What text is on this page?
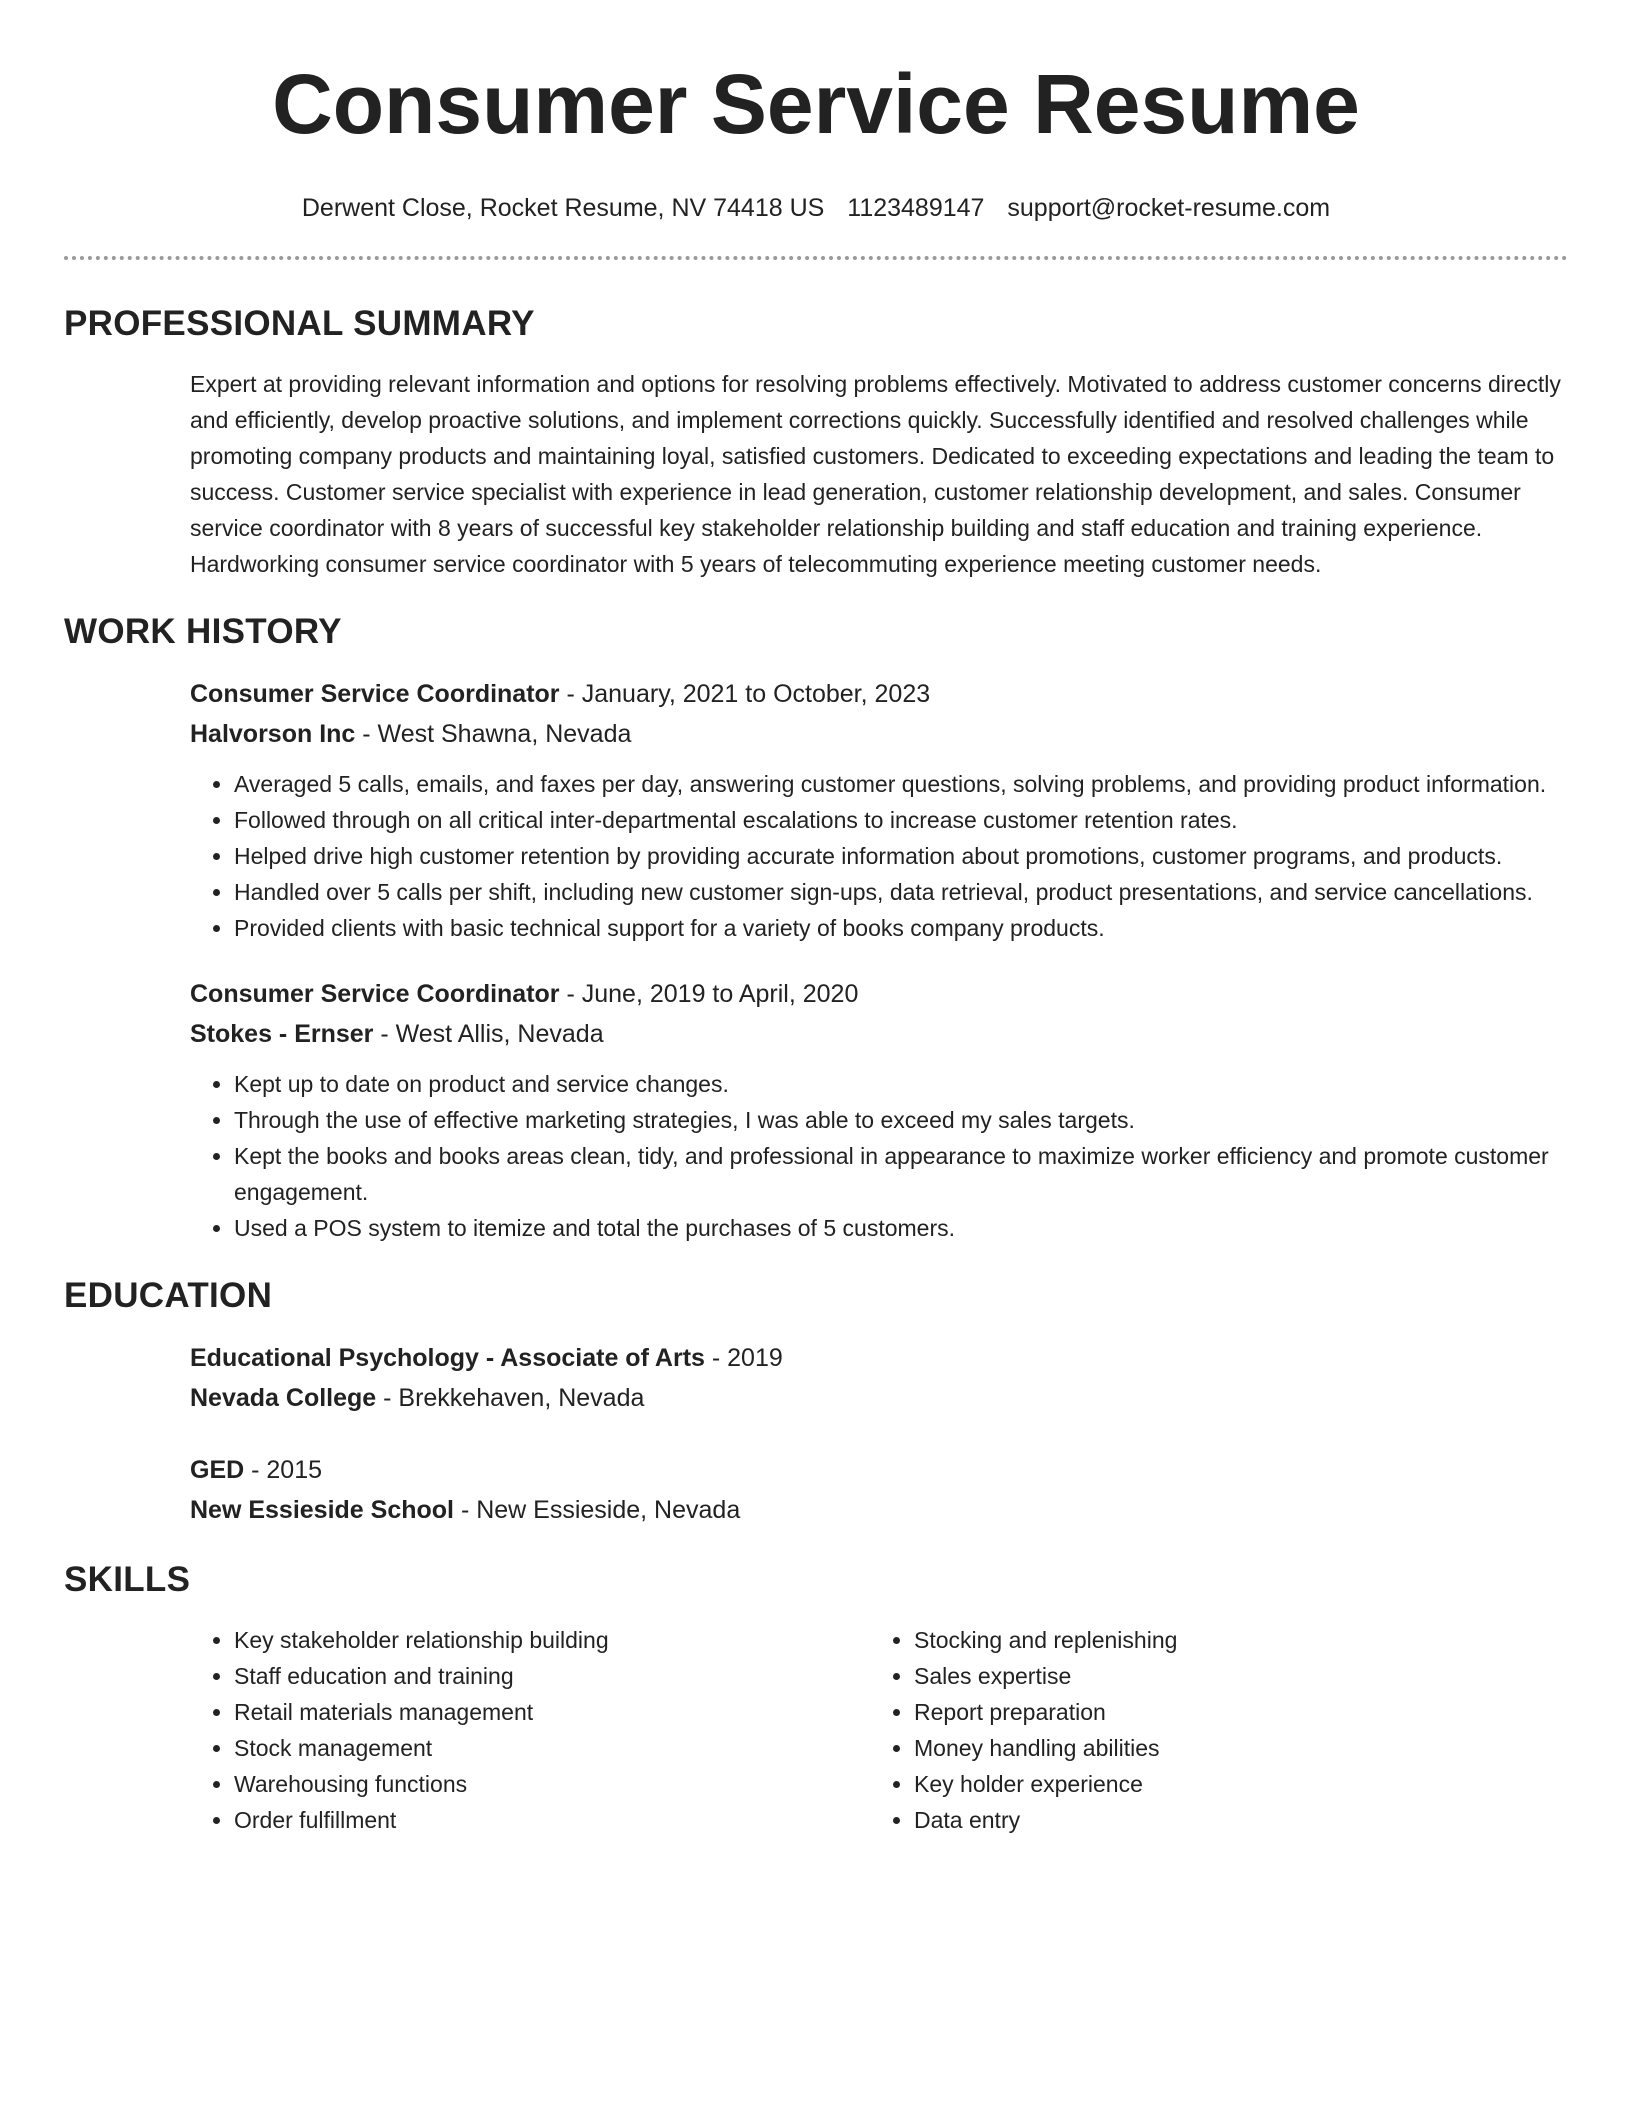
Consumer Service Resume
Derwent Close, Rocket Resume, NV 74418 US 1123489147 support@rocket-resume.com
PROFESSIONAL SUMMARY

Expert at providing relevant information and options for resolving problems effectively. Motivated to address customer concerns directly and efficiently, develop proactive solutions, and implement corrections quickly. Successfully identified and resolved challenges while promoting company products and maintaining loyal, satisfied customers. Dedicated to exceeding expectations and leading the team to success. Customer service specialist with experience in lead generation, customer relationship development, and sales. Consumer service coordinator with 8 years of successful key stakeholder relationship building and staff education and training experience. Hardworking consumer service coordinator with 5 years of telecommuting experience meeting customer needs.

WORK HISTORY
Consumer Service Coordinator - January, 2021 to October, 2023
Halvorson Inc - West Shawna, Nevada
• Averaged 5 calls, emails, and faxes per day, answering customer questions, solving problems, and providing product information.
• Followed through on all critical inter-departmental escalations to increase customer retention rates.
• Helped drive high customer retention by providing accurate information about promotions, customer programs, and products.
• Handled over 5 calls per shift, including new customer sign-ups, data retrieval, product presentations, and service cancellations.
• Provided clients with basic technical support for a variety of books company products.
Consumer Service Coordinator - June, 2019 to April, 2020
Stokes - Ernser - West Allis, Nevada
• Kept up to date on product and service changes.
• Through the use of effective marketing strategies, I was able to exceed my sales targets.
• Kept the books and books areas clean, tidy, and professional in appearance to maximize worker efficiency and promote customer engagement.
• Used a POS system to itemize and total the purchases of 5 customers.
EDUCATION
Educational Psychology - Associate of Arts - 2019
Nevada College - Brekkehaven, Nevada
GED - 2015
New Essieside School - New Essieside, Nevada
SKILLS
• Key stakeholder relationship building
• Staff education and training
• Retail materials management
• Stock management
• Warehousing functions
• Order fulfillment
• Stocking and replenishing
• Sales expertise
• Report preparation
• Money handling abilities
• Key holder experience
• Data entry
